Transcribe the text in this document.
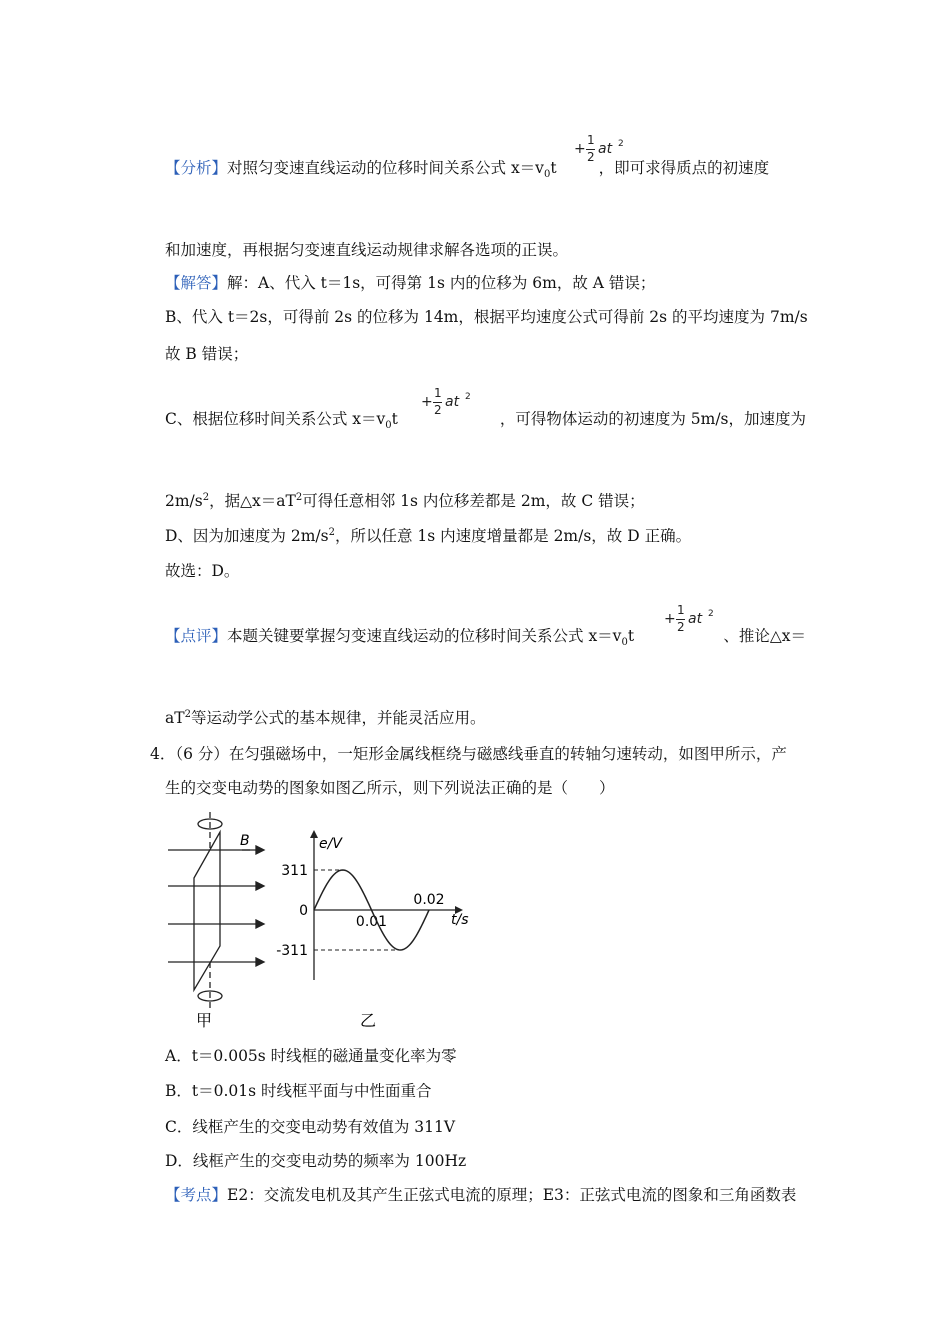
【分析】对照匀变速直线运动的位移时间关系公式 $x=v_0t$	，即可求得质点的初速度
+
1
2 at 2
和加速度，再根据匀变速直线运动规律求解各选项的正误。
【解答】解：A、代入 t＝1s，可得第 1s 内的位移为 6m，故 A 错误；
B、代入 t＝2s，可得前 2s 的位移为 14m，根据平均速度公式可得前 2s 的平均速度为 7m/s
故 B 错误；
C、根据位移时间关系公式 $x=v_0t$	，可得物体运动的初速度为 5m/s，加速度为
+
1
2 at 2
$2m/s^2$，据$\triangle x=aT^2$可得任意相邻 1s 内位移差都是 2m，故 C 错误；
D、因为加速度为 $2m/s^2$，所以任意 1s 内速度增量都是 2m/s，故 D 正确。
故选：D。
【点评】本题关键要掌握匀变速直线运动的位移时间关系公式 $x=v_0t$	、推论△x＝
+
1
2 at 2
$aT^2$等运动学公式的基本规律，并能灵活应用。
4．（6 分）在匀强磁场中，一矩形金属线框绕与磁感线垂直的转轴匀速转动，如图甲所示，产
生的交变电动势的图象如图乙所示，则下列说法正确的是（　　）
B
甲
e/V
t/s
311
0
-311
0.01
0.02
乙
A．t＝0.005s 时线框的磁通量变化率为零
B．t＝0.01s 时线框平面与中性面重合
C．线框产生的交变电动势有效值为 311V
D．线框产生的交变电动势的频率为 100Hz
【考点】E2：交流发电机及其产生正弦式电流的原理；E3：正弦式电流的图象和三角函数表
